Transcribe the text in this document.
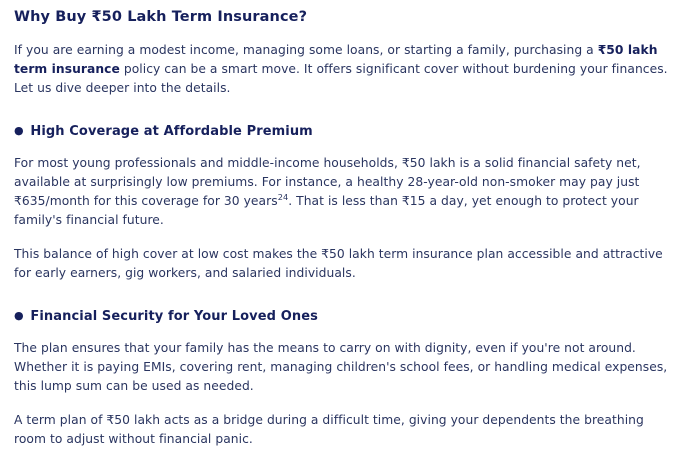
Why Buy ₹50 Lakh Term Insurance?

If you are earning a modest income, managing some loans, or starting a family, purchasing a ₹50 lakh term insurance policy can be a smart move. It offers significant cover without burdening your finances. Let us dive deeper into the details.

● High Coverage at Affordable Premium

For most young professionals and middle-income households, ₹50 lakh is a solid financial safety net, available at surprisingly low premiums. For instance, a healthy 28-year-old non-smoker may pay just ₹635/month for this coverage for 30 years$^{24}$. That is less than ₹15 a day, yet enough to protect your family's financial future.

This balance of high cover at low cost makes the ₹50 lakh term insurance plan accessible and attractive for early earners, gig workers, and salaried individuals.

● Financial Security for Your Loved Ones

The plan ensures that your family has the means to carry on with dignity, even if you're not around. Whether it is paying EMIs, covering rent, managing children's school fees, or handling medical expenses, this lump sum can be used as needed.

A term plan of ₹50 lakh acts as a bridge during a difficult time, giving your dependents the breathing room to adjust without financial panic.
